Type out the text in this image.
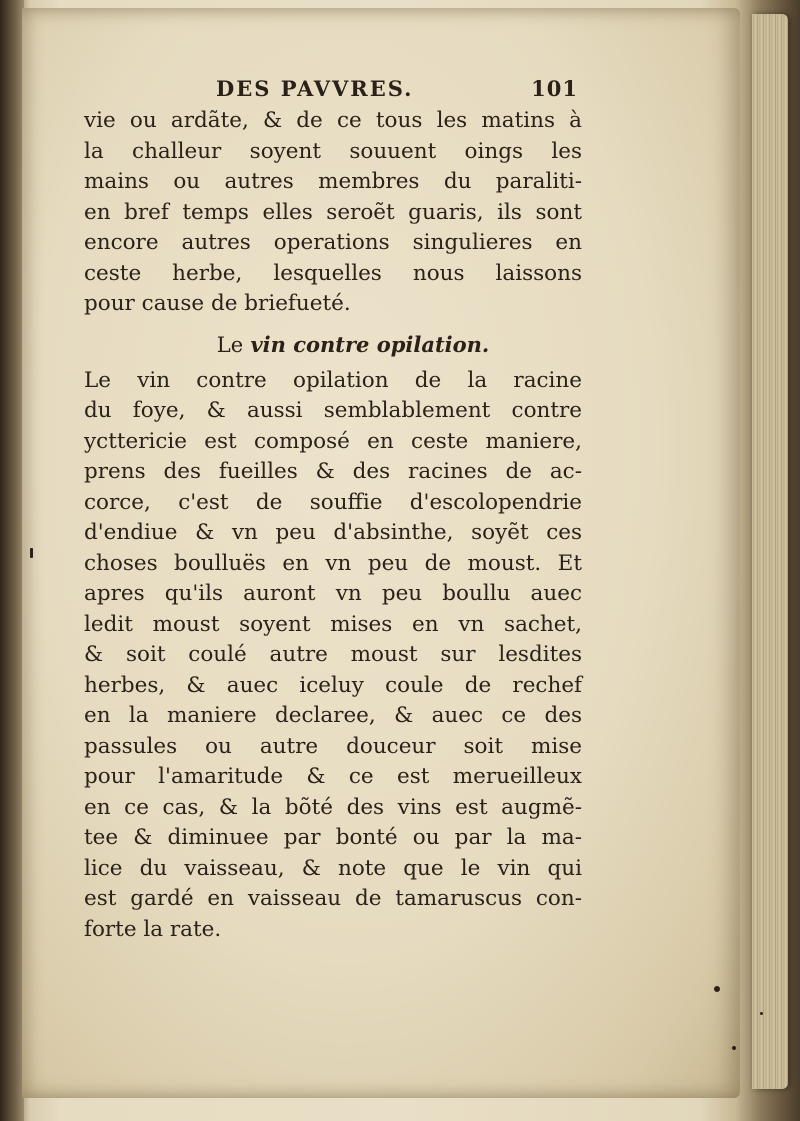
DES PAVVRES.	101
vie ou ardãte, & de ce tous les matins à
la challeur soyent souuent oings les
mains ou autres membres du paraliti-
en bref temps elles seroẽt guaris, ils sont
encore autres operations singulieres en
ceste herbe, lesquelles nous laissons
pour cause de briefueté.
Le vin contre opilation.
Le vin contre opilation de la racine
du foye, & aussi semblablement contre
ycttericie est composé en ceste maniere,
prens des fueilles & des racines de ac-
corce, c'est de souffie d'escolopendrie
d'endiue & vn peu d'absinthe, soyẽt ces
choses boulluës en vn peu de moust. Et
apres qu'ils auront vn peu boullu auec
ledit moust soyent mises en vn sachet,
& soit coulé autre moust sur lesdites
herbes, & auec iceluy coule de rechef
en la maniere declaree, & auec ce des
passules ou autre douceur soit mise
pour l'amaritude & ce est merueilleux
en ce cas, & la bõté des vins est augmẽ-
tee & diminuee par bonté ou par la ma-
lice du vaisseau, & note que le vin qui
est gardé en vaisseau de tamaruscus con-
forte la rate.
